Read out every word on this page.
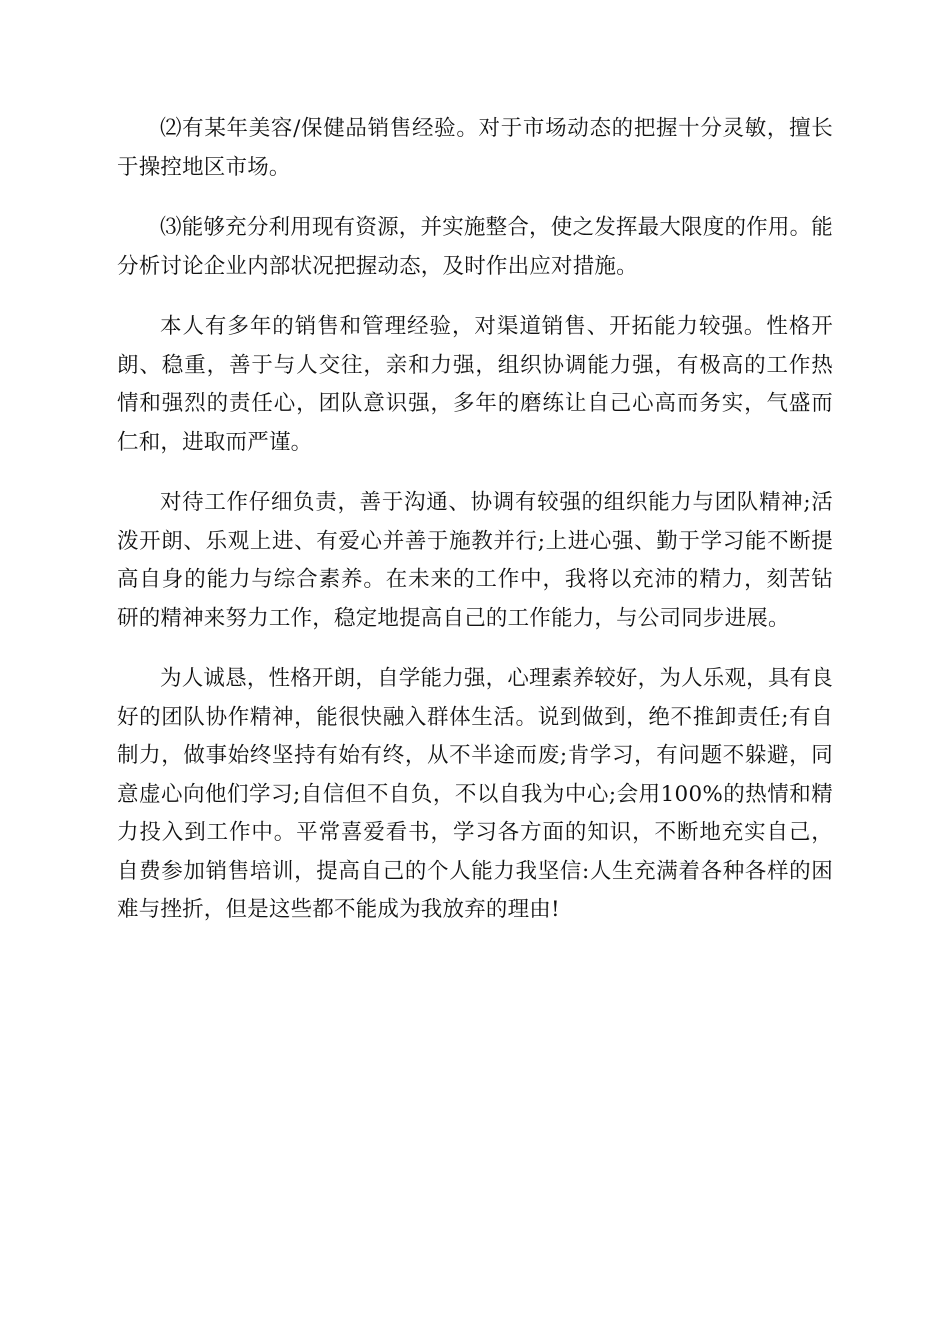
⑵有某年美容/保健品销售经验。对于市场动态的把握十分灵敏，擅长于操控地区市场。

⑶能够充分利用现有资源，并实施整合，使之发挥最大限度的作用。能分析讨论企业内部状况把握动态，及时作出应对措施。

本人有多年的销售和管理经验，对渠道销售、开拓能力较强。性格开朗、稳重，善于与人交往，亲和力强，组织协调能力强，有极高的工作热情和强烈的责任心，团队意识强，多年的磨练让自己心高而务实，气盛而仁和，进取而严谨。

对待工作仔细负责，善于沟通、协调有较强的组织能力与团队精神;活泼开朗、乐观上进、有爱心并善于施教并行;上进心强、勤于学习能不断提高自身的能力与综合素养。在未来的工作中，我将以充沛的精力，刻苦钻研的精神来努力工作，稳定地提高自己的工作能力，与公司同步进展。

为人诚恳，性格开朗，自学能力强，心理素养较好，为人乐观，具有良好的团队协作精神，能很快融入群体生活。说到做到，绝不推卸责任;有自制力，做事始终坚持有始有终，从不半途而废;肯学习，有问题不躲避，同意虚心向他们学习;自信但不自负，不以自我为中心;会用100%的热情和精力投入到工作中。平常喜爱看书，学习各方面的知识，不断地充实自己，自费参加销售培训，提高自己的个人能力我坚信:人生充满着各种各样的困难与挫折，但是这些都不能成为我放弃的理由!
